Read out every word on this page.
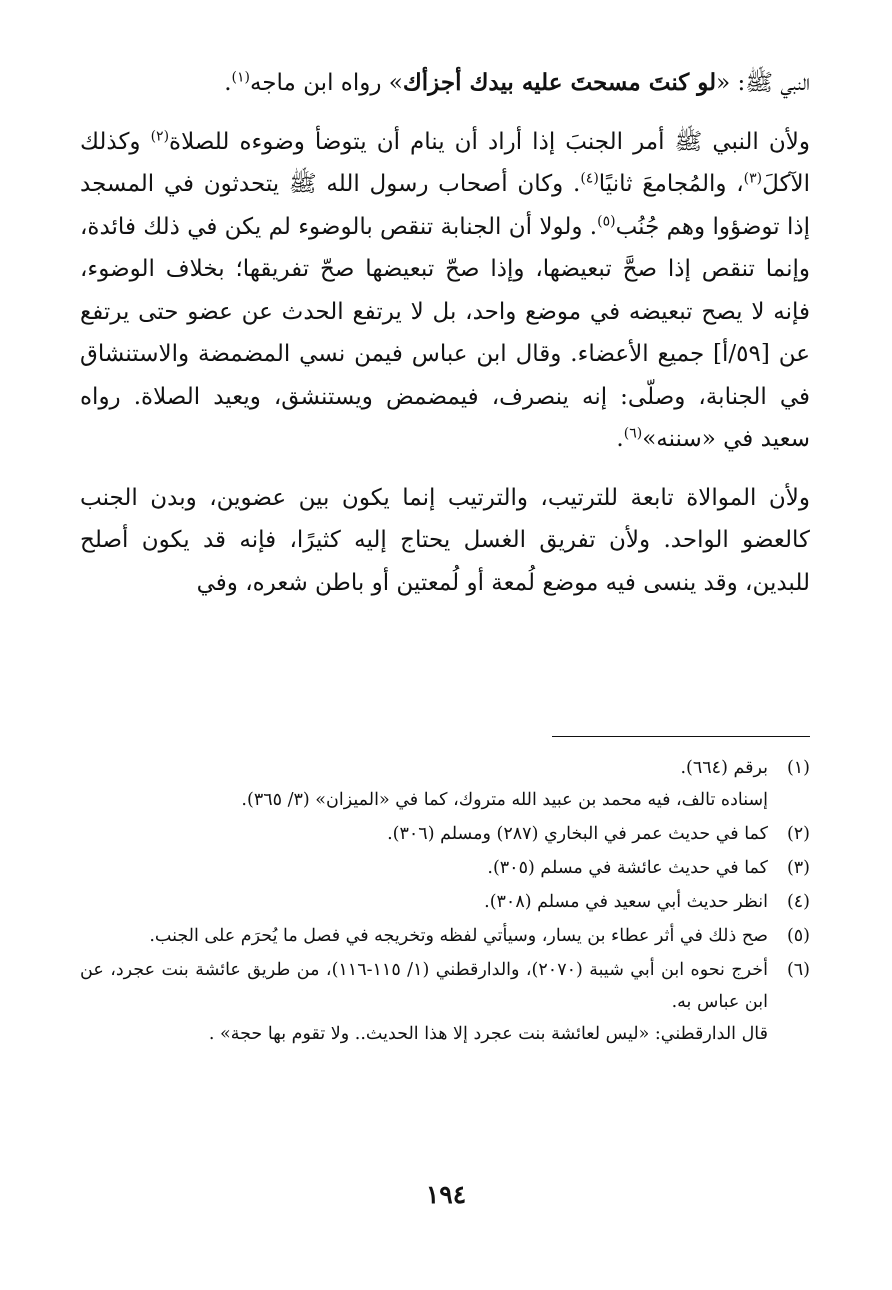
النبي ﷺ: «لو كنتَ مسحتَ عليه بيدك أجزأك» رواه ابن ماجه$^{(١)}$.

ولأن النبي ﷺ أمر الجنبَ إذا أراد أن ينام أن يتوضأ وضوءه للصلاة$^{(٢)}$ وكذلك الآكلَ$^{(٣)}$، والمُجامعَ ثانيًا$^{(٤)}$. وكان أصحاب رسول الله ﷺ يتحدثون في المسجد إذا توضؤوا وهم جُنُب$^{(٥)}$. ولولا أن الجنابة تنقص بالوضوء لم يكن في ذلك فائدة، وإنما تنقص إذا صحَّ تبعيضها، وإذا صحّ تبعيضها صحّ تفريقها؛ بخلاف الوضوء، فإنه لا يصح تبعيضه في موضع واحد، بل لا يرتفع الحدث عن عضو حتى يرتفع عن [٥٩/أ] جميع الأعضاء. وقال ابن عباس فيمن نسي المضمضة والاستنشاق في الجنابة، وصلّى: إنه ينصرف، فيمضمض ويستنشق، ويعيد الصلاة. رواه سعيد في «سننه»$^{(٦)}$.

ولأن الموالاة تابعة للترتيب، والترتيب إنما يكون بين عضوين، وبدن الجنب كالعضو الواحد. ولأن تفريق الغسل يحتاج إليه كثيرًا، فإنه قد يكون أصلح للبدين، وقد ينسى فيه موضع لُمعة أو لُمعتين أو باطن شعره، وفي

(١)
برقم (٦٦٤).
إسناده تالف، فيه محمد بن عبيد الله متروك، كما في «الميزان» (٣/ ٣٦٥).
(٢)
كما في حديث عمر في البخاري (٢٨٧) ومسلم (٣٠٦).
(٣)
كما في حديث عائشة في مسلم (٣٠٥).
(٤)
انظر حديث أبي سعيد في مسلم (٣٠٨).
(٥)
صح ذلك في أثر عطاء بن يسار، وسيأتي لفظه وتخريجه في فصل ما يُحرَم على الجنب.
(٦)
أخرج نحوه ابن أبي شيبة (٢٠٧٠)، والدارقطني (١/ ١١٥-١١٦)، من طريق عائشة بنت عجرد، عن ابن عباس به.
قال الدارقطني: «ليس لعائشة بنت عجرد إلا هذا الحديث.. ولا تقوم بها حجة» .
١٩٤
